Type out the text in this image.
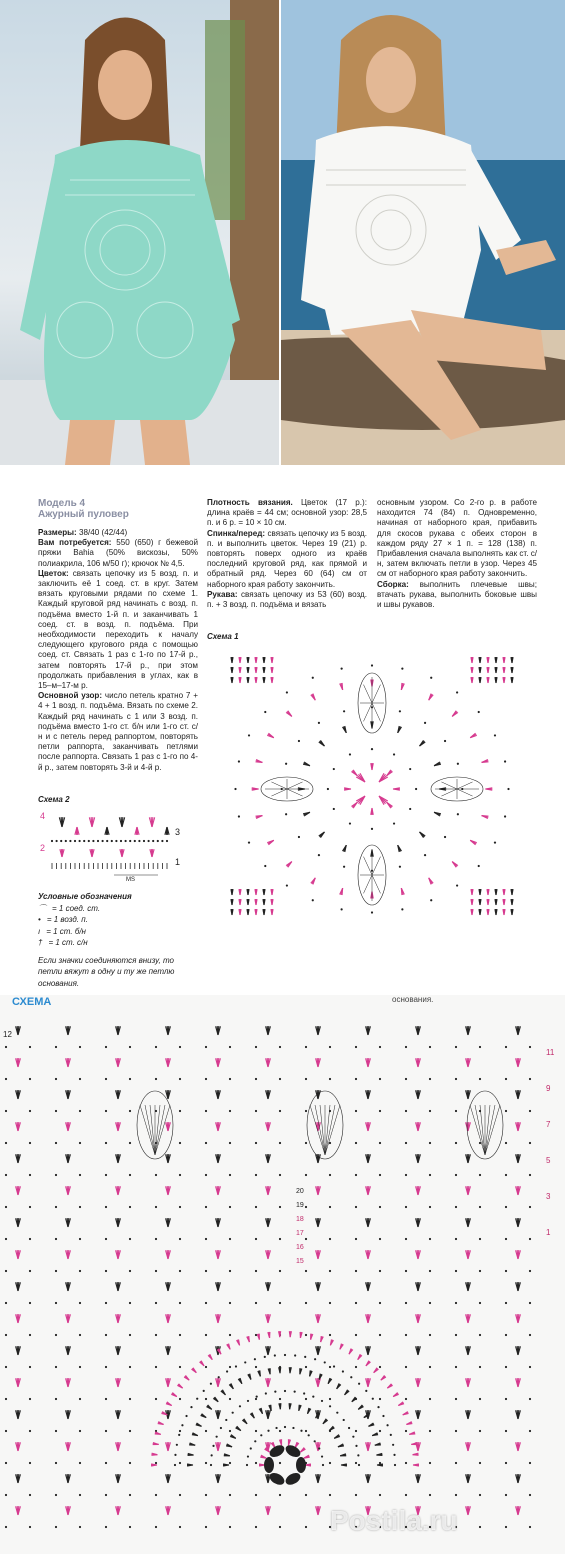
Модель 4
Ажурный пуловер

Размеры: 38/40 (42/44)

Вам потребуется: 550 (650) г бежевой пряжи Bahia (50% вискозы, 50% полиакрила, 106 м/50 г); крючок № 4,5.

Цветок: связать цепочку из 5 возд. п. и заключить её 1 соед. ст. в круг. Затем вязать круговыми рядами по схеме 1. Каждый круговой ряд начинать с возд. п. подъёма вместо 1-й п. и заканчивать 1 соед. ст. в возд. п. подъёма. При необходимости переходить к началу следующего кругового ряда с помощью соед. ст. Связать 1 раз с 1-го по 17-й р., затем повторять 17-й р., при этом продолжать прибавления в углах, как в 15–м–17-м р.

Основной узор: число петель кратно 7 + 4 + 1 возд. п. подъёма. Вязать по схеме 2. Каждый ряд начинать с 1 или 3 возд. п. подъёма вместо 1-го ст. б/н или 1-го ст. с/н и с петель перед раппортом, повторять петли раппорта, заканчивать петлями после раппорта. Связать 1 раз с 1-го по 4-й р., затем повторять 3-й и 4-й р.

Плотность вязания. Цветок (17 р.): длина краёв = 44 см; основной узор: 28,5 п. и 6 р. = 10 × 10 см.

Спинка/перед: связать цепочку из 5 возд. п. и выполнить цветок. Через 19 (21) р. повторять поверх одного из краёв последний круговой ряд, как прямой и обратный ряд. Через 60 (64) см от наборного края работу закончить.

Рукава: связать цепочку из 53 (60) возд. п. + 3 возд. п. подъёма и вязать

основным узором. Со 2-го р. в работе находится 74 (84) п. Одновременно, начиная от наборного края, прибавить для скосов рукава с обеих сторон в каждом ряду 27 × 1 п. = 128 (138) п. Прибавления сначала выполнять как ст. с/н, затем включать петли в узор. Через 45 см от наборного края работу закончить.

Сборка: выполнить плечевые швы; втачать рукава, выполнить боковые швы и швы рукавов.

Схема 1
Схема 2
4
2
3
1
MS
Условные обозначения
⌒ = 1 соед. ст.
• = 1 возд. п.
ı = 1 ст. б/н
† = 1 ст. с/н
Если значки соединяются внизу, то петли вяжут в одну и ту же петлю основания.
СХЕМА	основания.
12
11
9
7
5
3
1
20
19
18
17
16
15
Postila.ru
